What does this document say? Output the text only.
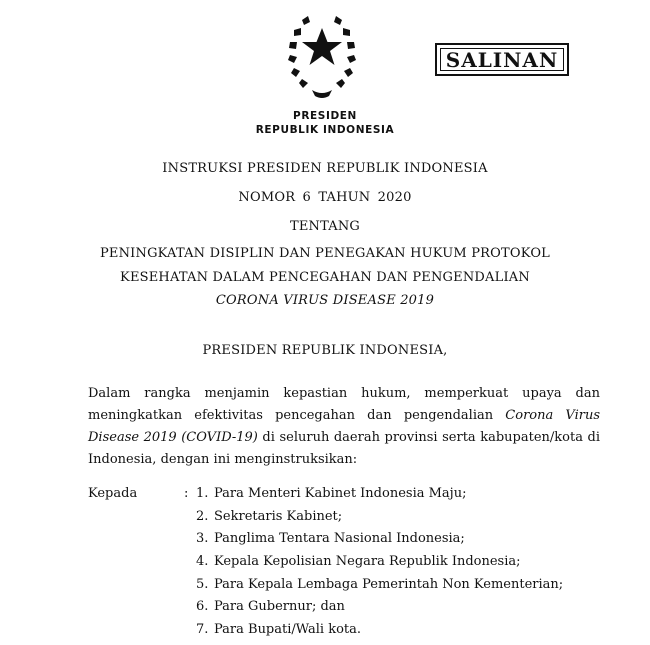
SALINAN
PRESIDEN
REPUBLIK INDONESIA
INSTRUKSI PRESIDEN REPUBLIK INDONESIA
NOMOR 6 TAHUN 2020
TENTANG
PENINGKATAN DISIPLIN DAN PENEGAKAN HUKUM PROTOKOL
KESEHATAN DALAM PENCEGAHAN DAN PENGENDALIAN
CORONA VIRUS DISEASE 2019
PRESIDEN REPUBLIK INDONESIA,
Dalam rangka menjamin kepastian hukum, memperkuat upaya dan
meningkatkan efektivitas pencegahan dan pengendalian Corona Virus
Disease 2019 (COVID-19) di seluruh daerah provinsi serta kabupaten/kota di
Indonesia, dengan ini menginstruksikan:
Kepada	: 1. Para Menteri Kabinet Indonesia Maju;
2. Sekretaris Kabinet;
3. Panglima Tentara Nasional Indonesia;
4. Kepala Kepolisian Negara Republik Indonesia;
5. Para Kepala Lembaga Pemerintah Non Kementerian;
6. Para Gubernur; dan
7. Para Bupati/Wali kota.
